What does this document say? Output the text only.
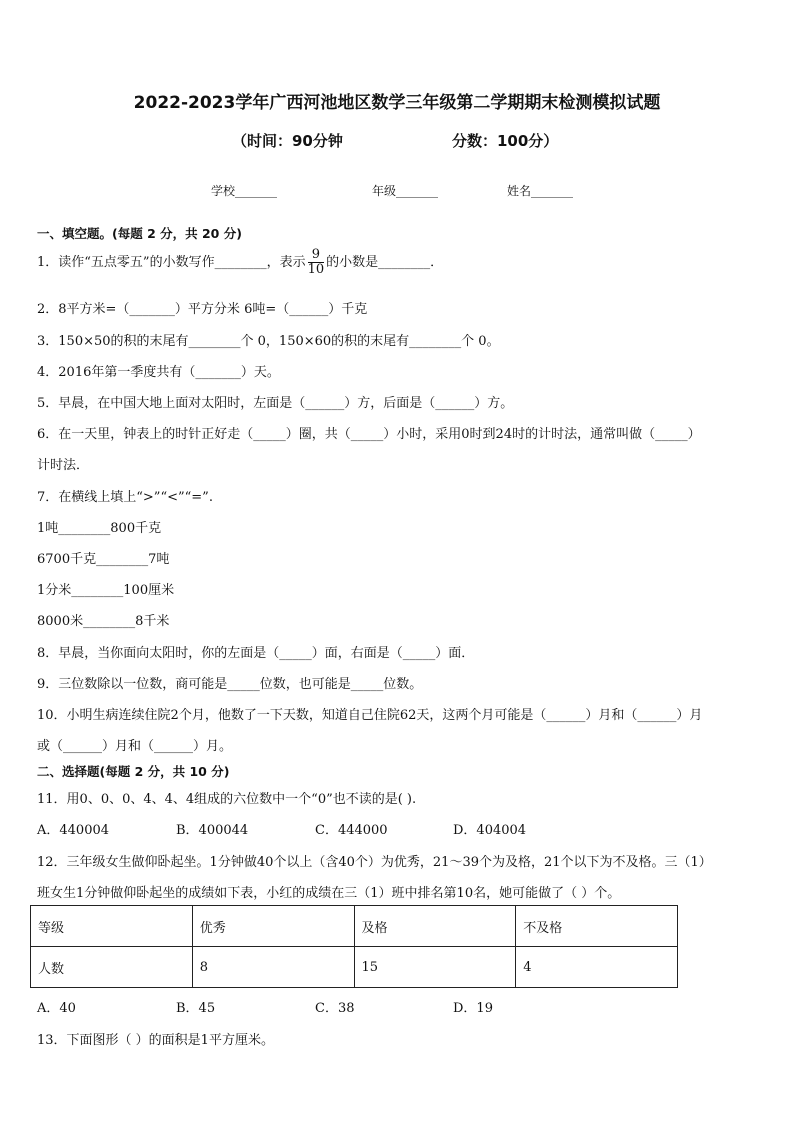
2022-2023学年广西河池地区数学三年级第二学期期末检测模拟试题
（时间：90分钟	分数：100分）
学校_______	年级_______	姓名_______
一、填空题。(每题 2 分，共 20 分)
1．读作“五点零五”的小数写作________，表示 $\frac{9}{10}$ 的小数是________．
2．8平方米=（_______）平方分米 6吨=（______）千克
3．150×50的积的末尾有________个 0，150×60的积的末尾有________个 0。
4．2016年第一季度共有（_______）天。
5．早晨，在中国大地上面对太阳时，左面是（______）方，后面是（______）方。
6．在一天里，钟表上的时针正好走（_____）圈，共（_____）小时，采用0时到24时的计时法，通常叫做（_____）
计时法．
7．在横线上填上“>”“<”“=”.
1吨________800千克
6700千克________7吨
1分米________100厘米
8000米________8千米
8．早晨，当你面向太阳时，你的左面是（_____）面，右面是（_____）面．
9．三位数除以一位数，商可能是_____位数，也可能是_____位数。
10．小明生病连续住院2个月，他数了一下天数，知道自己住院62天，这两个月可能是（______）月和（______）月
或（______）月和（______）月。
二、选择题(每题 2 分，共 10 分)
11．用0、0、0、4、4、4组成的六位数中一个“0”也不读的是( ).
A．440004	B．400044	C．444000	D．404004
12．三年级女生做仰卧起坐。1分钟做40个以上（含40个）为优秀，21～39个为及格，21个以下为不及格。三（1）
班女生1分钟做仰卧起坐的成绩如下表，小红的成绩在三（1）班中排名第10名，她可能做了（ ）个。
等级	优秀	及格	不及格
人数	8	15	4
A．40	B．45	C．38	D．19
13．下面图形（ ）的面积是1平方厘米。
